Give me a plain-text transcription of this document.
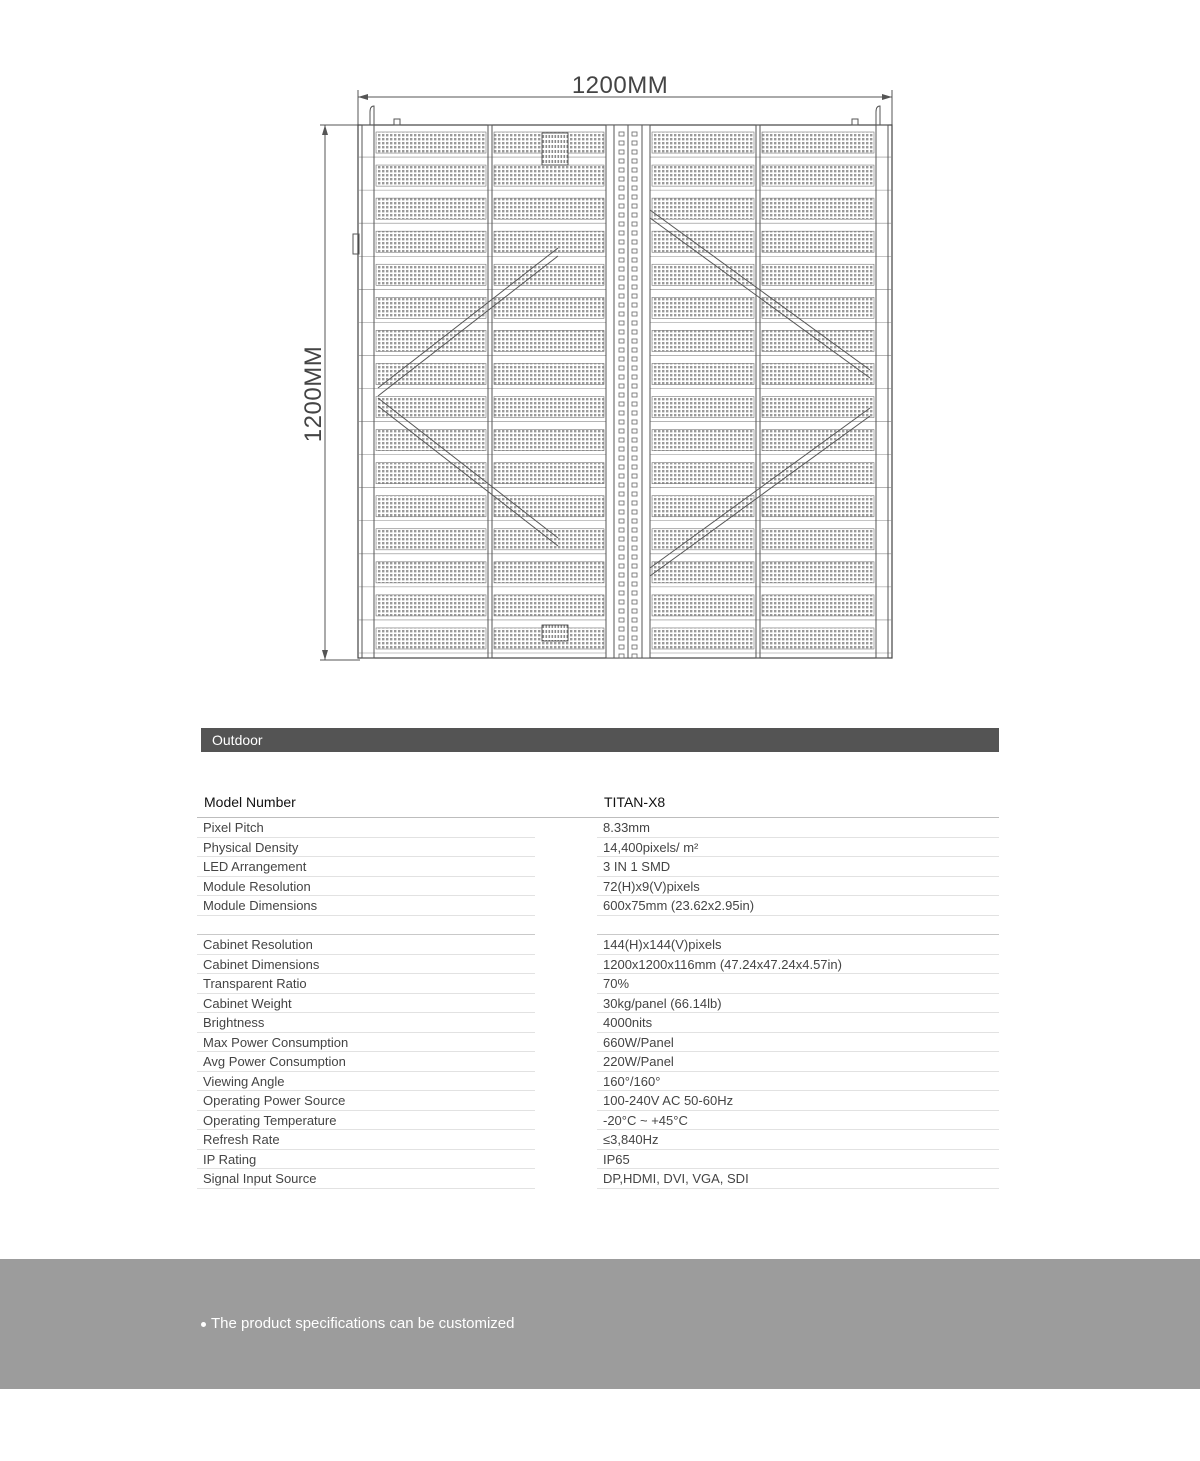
1200MM
1200MM
Outdoor
Model Number	TITAN-X8
Pixel Pitch	8.33mm
Physical Density	14,400pixels/ m²
LED Arrangement	3 IN 1 SMD
Module Resolution	72(H)x9(V)pixels
Module Dimensions	600x75mm (23.62x2.95in)
Cabinet Resolution	144(H)x144(V)pixels
Cabinet Dimensions	1200x1200x116mm (47.24x47.24x4.57in)
Transparent Ratio	70%
Cabinet Weight	30kg/panel (66.14lb)
Brightness	4000nits
Max Power Consumption	660W/Panel
Avg Power Consumption	220W/Panel
Viewing Angle	160°/160°
Operating Power Source	100-240V AC 50-60Hz
Operating Temperature	-20°C ~ +45°C
Refresh Rate	≤3,840Hz
IP Rating	IP65
Signal Input Source	DP,HDMI, DVI, VGA, SDI
The product specifications can be customized
